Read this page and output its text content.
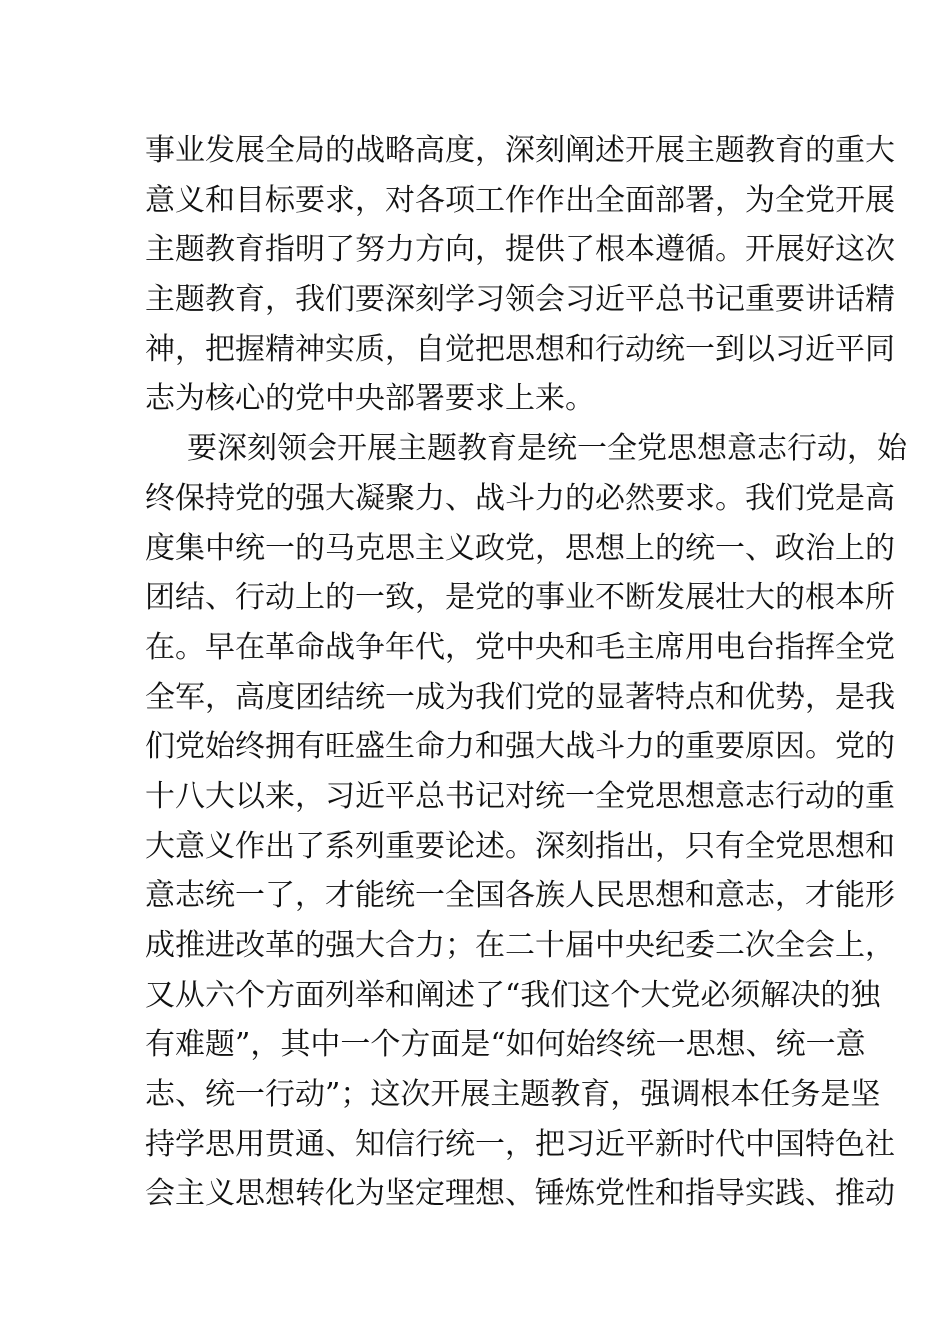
事业发展全局的战略高度，深刻阐述开展主题教育的重大
意义和目标要求，对各项工作作出全面部署，为全党开展
主题教育指明了努力方向，提供了根本遵循。开展好这次
主题教育，我们要深刻学习领会习近平总书记重要讲话精
神，把握精神实质，自觉把思想和行动统一到以习近平同
志为核心的党中央部署要求上来。
要深刻领会开展主题教育是统一全党思想意志行动，始
终保持党的强大凝聚力、战斗力的必然要求。我们党是高
度集中统一的马克思主义政党，思想上的统一、政治上的
团结、行动上的一致，是党的事业不断发展壮大的根本所
在。早在革命战争年代，党中央和毛主席用电台指挥全党
全军，高度团结统一成为我们党的显著特点和优势，是我
们党始终拥有旺盛生命力和强大战斗力的重要原因。党的
十八大以来，习近平总书记对统一全党思想意志行动的重
大意义作出了系列重要论述。深刻指出，只有全党思想和
意志统一了，才能统一全国各族人民思想和意志，才能形
成推进改革的强大合力；在二十届中央纪委二次全会上，
又从六个方面列举和阐述了“我们这个大党必须解决的独
有难题”，其中一个方面是“如何始终统一思想、统一意
志、统一行动”；这次开展主题教育，强调根本任务是坚
持学思用贯通、知信行统一，把习近平新时代中国特色社
会主义思想转化为坚定理想、锤炼党性和指导实践、推动
